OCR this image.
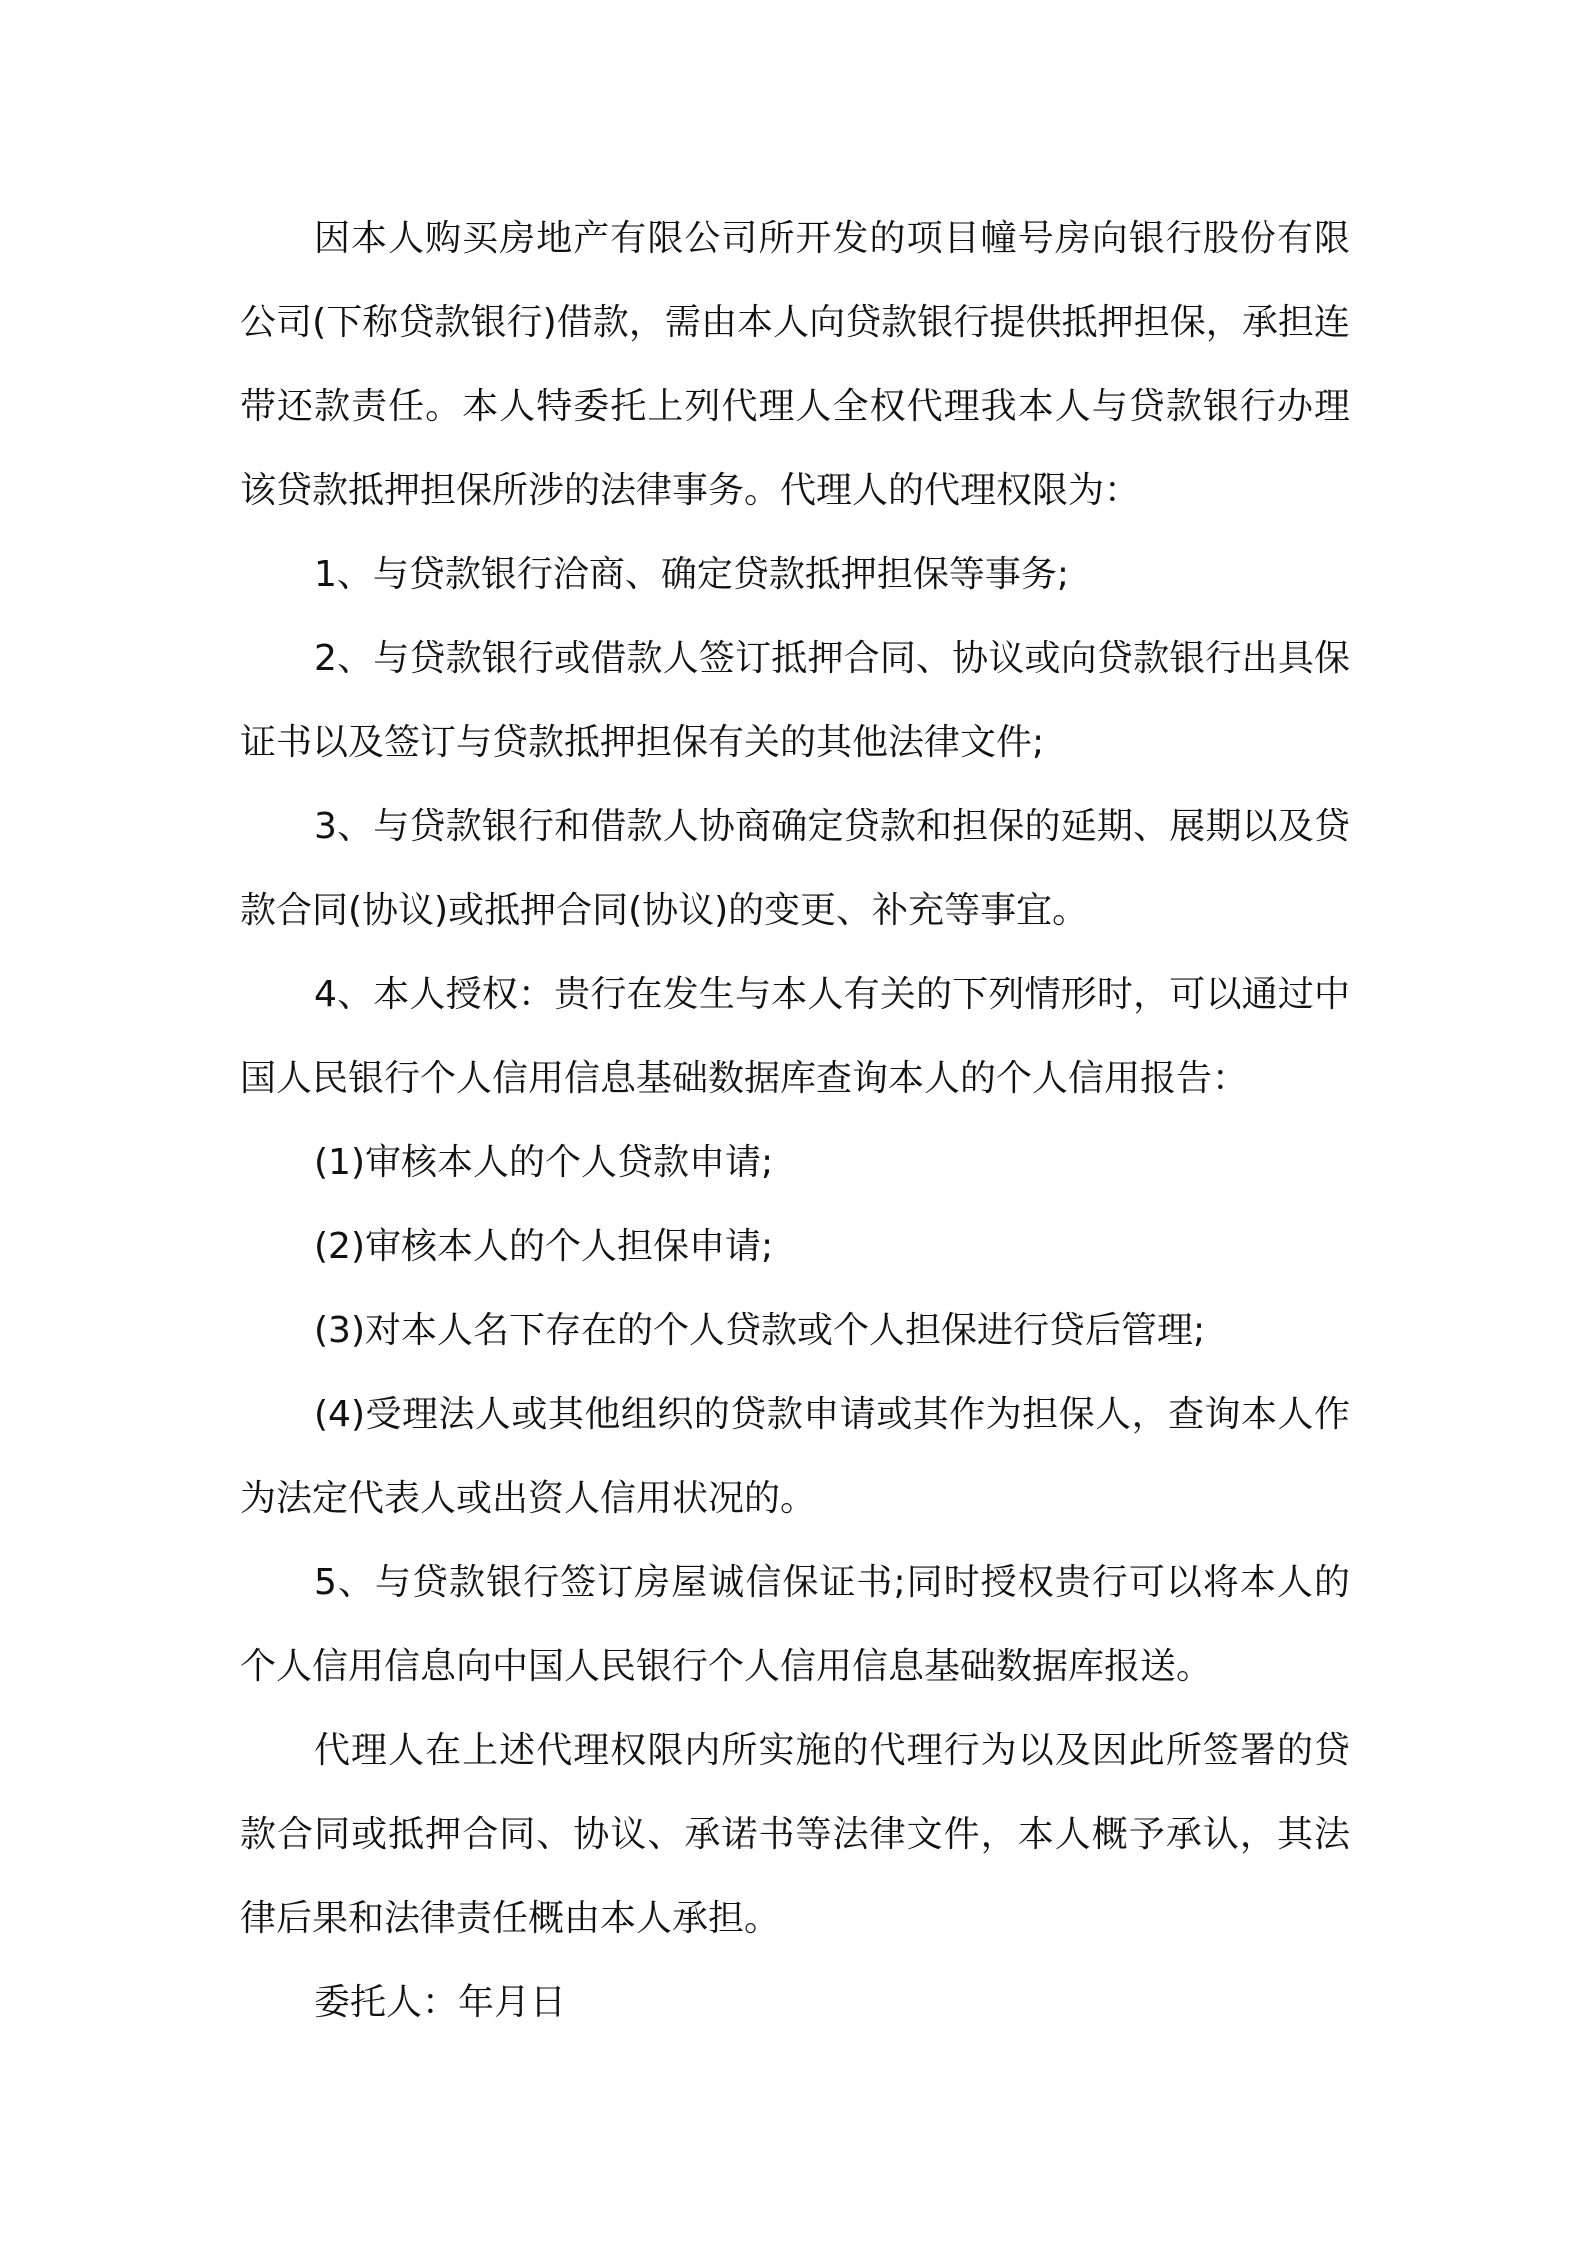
因本人购买房地产有限公司所开发的项目幢号房向银行股份有限公司(下称贷款银行)借款，需由本人向贷款银行提供抵押担保，承担连带还款责任。本人特委托上列代理人全权代理我本人与贷款银行办理该贷款抵押担保所涉的法律事务。代理人的代理权限为：

1、与贷款银行洽商、确定贷款抵押担保等事务;

2、与贷款银行或借款人签订抵押合同、协议或向贷款银行出具保证书以及签订与贷款抵押担保有关的其他法律文件;

3、与贷款银行和借款人协商确定贷款和担保的延期、展期以及贷款合同(协议)或抵押合同(协议)的变更、补充等事宜。

4、本人授权：贵行在发生与本人有关的下列情形时，可以通过中国人民银行个人信用信息基础数据库查询本人的个人信用报告：

(1)审核本人的个人贷款申请;

(2)审核本人的个人担保申请;

(3)对本人名下存在的个人贷款或个人担保进行贷后管理;

(4)受理法人或其他组织的贷款申请或其作为担保人，查询本人作为法定代表人或出资人信用状况的。

5、与贷款银行签订房屋诚信保证书;同时授权贵行可以将本人的个人信用信息向中国人民银行个人信用信息基础数据库报送。

代理人在上述代理权限内所实施的代理行为以及因此所签署的贷款合同或抵押合同、协议、承诺书等法律文件，本人概予承认，其法律后果和法律责任概由本人承担。

委托人：年月日
